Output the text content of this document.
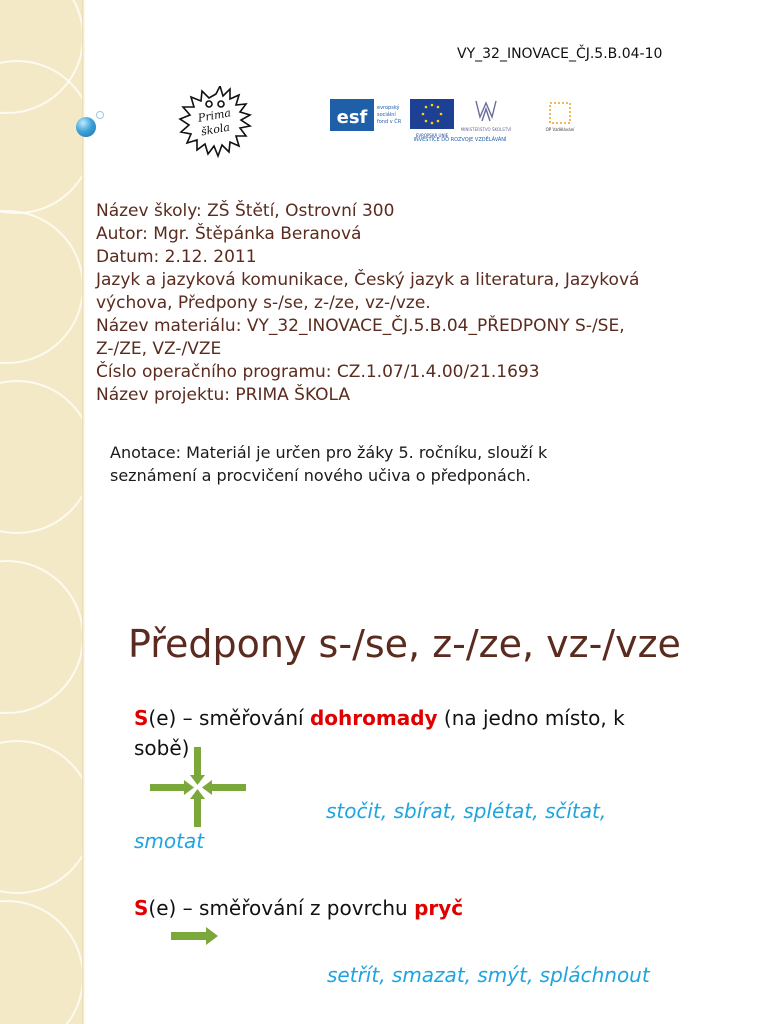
VY_32_INOVACE_ČJ.5.B.04-10
Prima
škola
esf evropský
sociální
fond v ČR
EVROPSKÁ UNIE
MINISTERSTVO ŠKOLSTVÍ	OP Vzdělávání
INVESTICE DO ROZVOJE VZDĚLÁVÁNÍ
Název školy: ZŠ Štětí, Ostrovní 300
Autor: Mgr. Štěpánka Beranová
Datum: 2.12. 2011
Jazyk a jazyková komunikace, Český jazyk a literatura, Jazyková
výchova, Předpony s-/se, z-/ze, vz-/vze.
Název materiálu: VY_32_INOVACE_ČJ.5.B.04_PŘEDPONY S-/SE,
Z-/ZE, VZ-/VZE
Číslo operačního programu: CZ.1.07/1.4.00/21.1693
Název projektu: PRIMA ŠKOLA
Anotace: Materiál je určen pro žáky 5. ročníku, slouží k
seznámení a procvičení nového učiva o předponách.
Předpony s-/se, z-/ze, vz-/vze
S(e) – směřování dohromady (na jedno místo, k
sobě)
stočit, sbírat, splétat, sčítat,
smotat
S(e) – směřování z povrchu pryč
setřít, smazat, smýt, spláchnout
